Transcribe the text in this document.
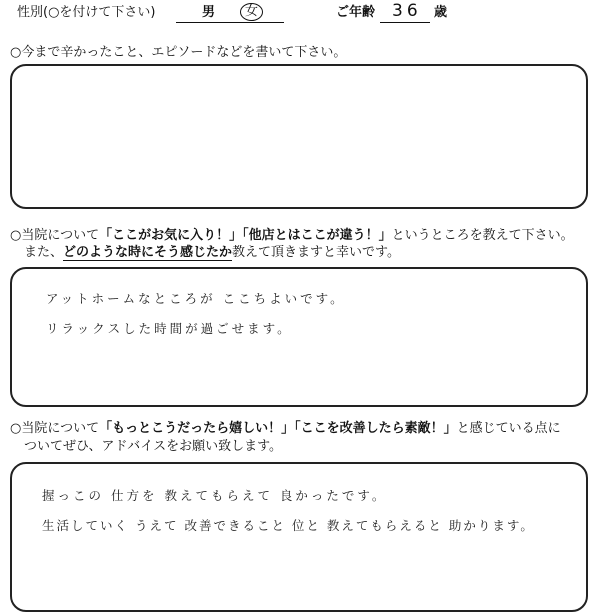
性別(○を付けて下さい)	男	女	ご年齢 36 歳
○今まで辛かったこと、エピソードなどを書いて下さい。
○当院について「ここがお気に入り！」「他店とはここが違う！」というところを教えて下さい。
また、どのような時にそう感じたか教えて頂きますと幸いです。
アットホームなところが ここちよいです。
リラックスした時間が過ごせます。
○当院について「もっとこうだったら嬉しい！」「ここを改善したら素敵！」と感じている点に
ついてぜひ、アドバイスをお願い致します。
握っこの 仕方を 教えてもらえて 良かったです。
生活していく うえて 改善できること 位と 教えてもらえると 助かります。
